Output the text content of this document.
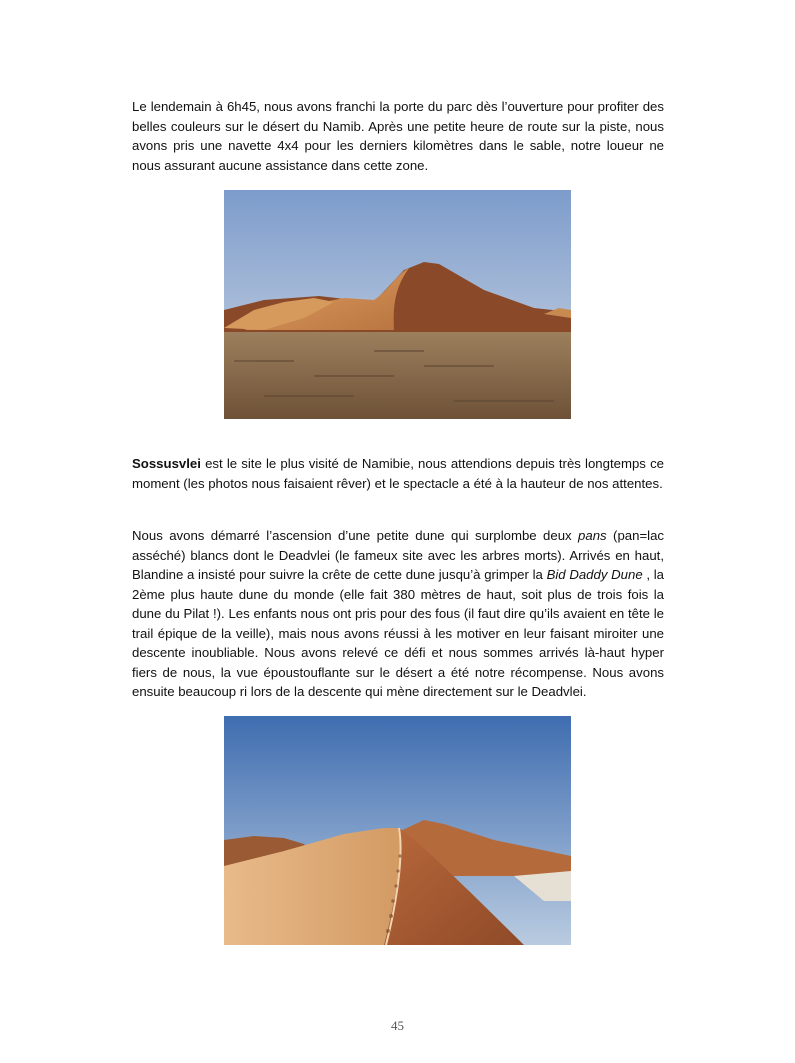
Le lendemain à 6h45, nous avons franchi la porte du parc dès l’ouverture pour profiter des belles couleurs sur le désert du Namib. Après une petite heure de route sur la piste, nous avons pris une navette 4x4 pour les derniers kilomètres dans le sable, notre loueur ne nous assurant aucune assistance dans cette zone.

Sossusvlei est le site le plus visité de Namibie, nous attendions depuis très longtemps ce moment (les photos nous faisaient rêver) et le spectacle a été à la hauteur de nos attentes.

Nous avons démarré l’ascension d’une petite dune qui surplombe deux pans (pan=lac asséché) blancs dont le Deadvlei (le fameux site avec les arbres morts). Arrivés en haut, Blandine a insisté pour suivre la crête de cette dune jusqu’à grimper la Bid Daddy Dune , la 2ème plus haute dune du monde (elle fait 380 mètres de haut, soit plus de trois fois la dune du Pilat !). Les enfants nous ont pris pour des fous (il faut dire qu’ils avaient en tête le trail épique de la veille), mais nous avons réussi à les motiver en leur faisant miroiter une descente inoubliable. Nous avons relevé ce défi et nous sommes arrivés là-haut hyper fiers de nous, la vue époustouflante sur le désert a été notre récompense. Nous avons ensuite beaucoup ri lors de la descente qui mène directement sur le Deadvlei.

45
